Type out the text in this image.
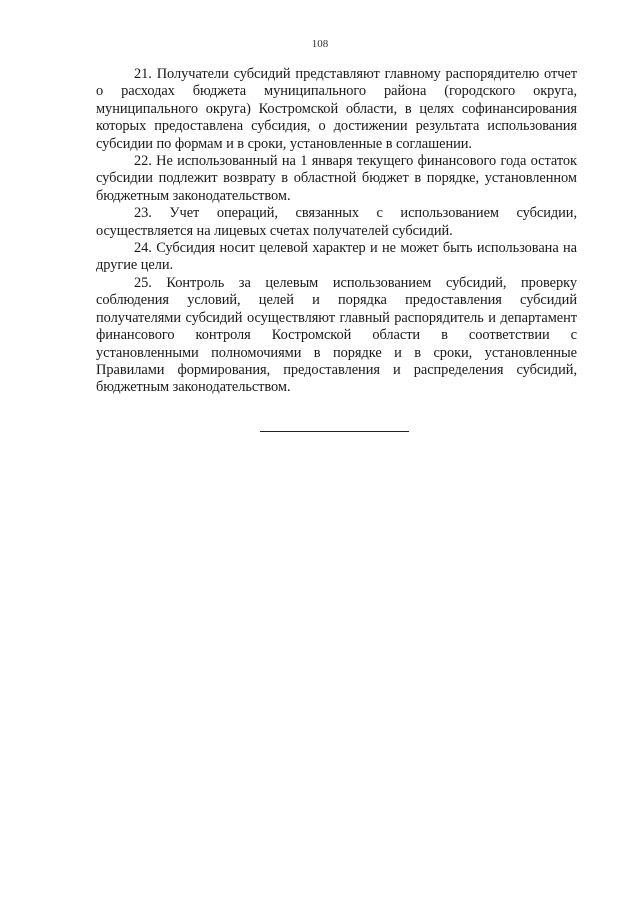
108

21. Получатели субсидий представляют главному распорядителю отчет о расходах бюджета муниципального района (городского округа, муниципального округа) Костромской области, в целях софинансирования которых предоставлена субсидия, о достижении результата использования субсидии по формам и в сроки, установленные в соглашении.

22. Не использованный на 1 января текущего финансового года остаток субсидии подлежит возврату в областной бюджет в порядке, установленном бюджетным законодательством.

23. Учет операций, связанных с использованием субсидии, осуществляется на лицевых счетах получателей субсидий.

24. Субсидия носит целевой характер и не может быть использована на другие цели.

25. Контроль за целевым использованием субсидий, проверку соблюдения условий, целей и порядка предоставления субсидий получателями субсидий осуществляют главный распорядитель и департамент финансового контроля Костромской области в соответствии с установленными полномочиями в порядке и в сроки, установленные Правилами формирования, предоставления и распределения субсидий, бюджетным законодательством.
